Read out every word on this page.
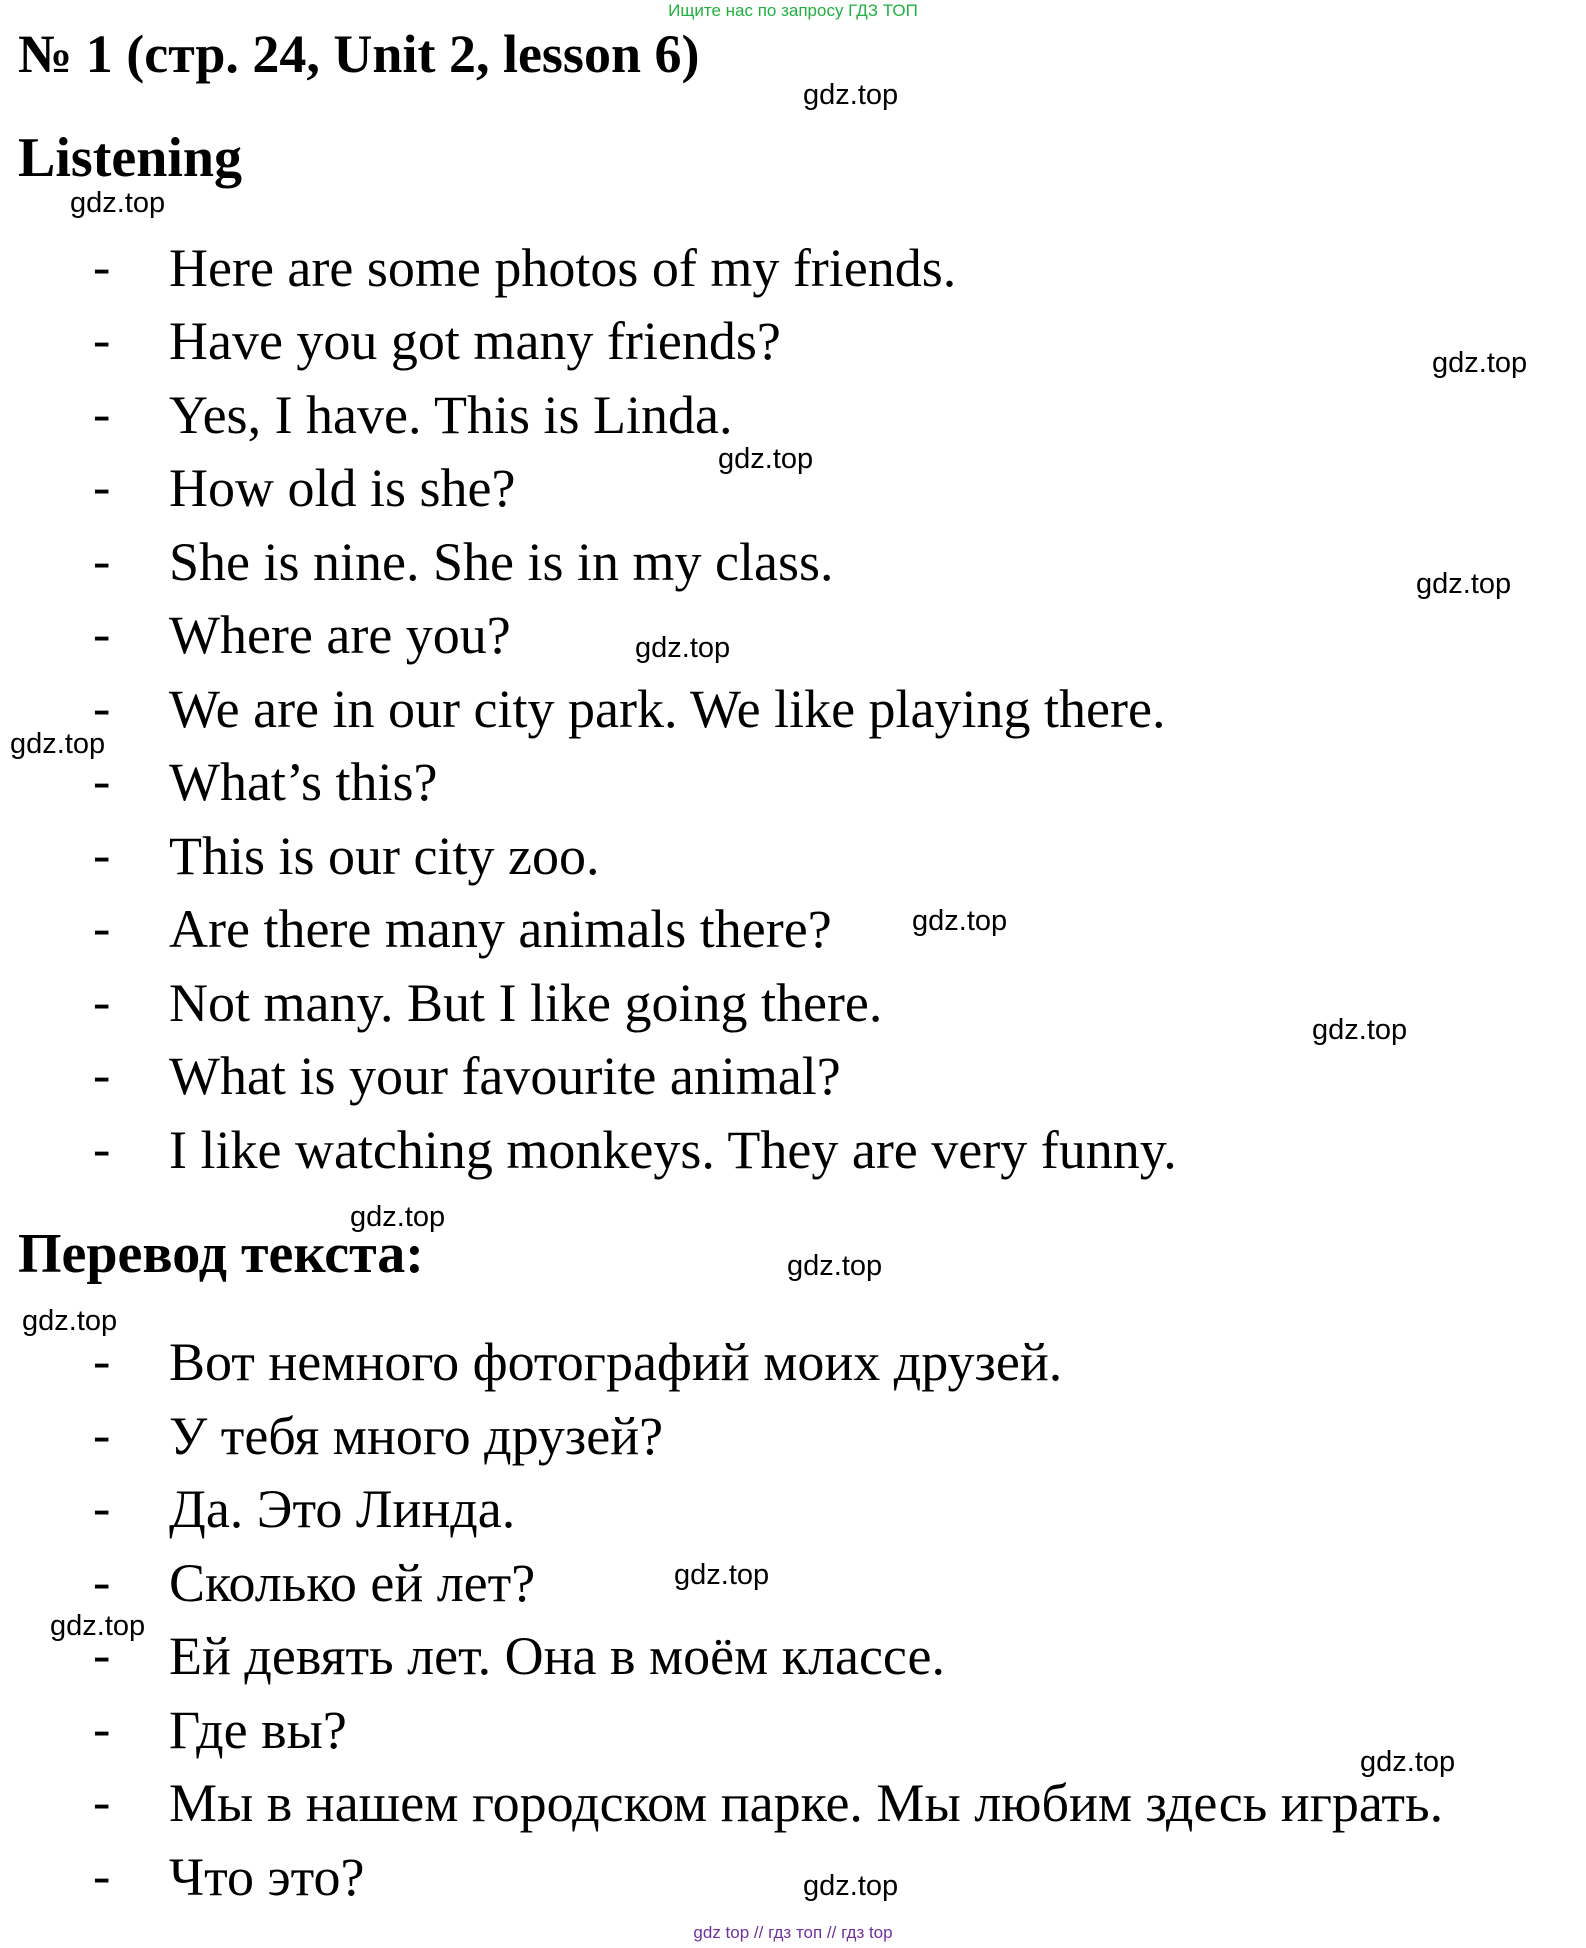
Ищите нас по запросу ГДЗ ТОП
№ 1 (стр. 24, Unit 2, lesson 6)
Listening
- Here are some photos of my friends.
- Have you got many friends?
- Yes, I have. This is Linda.
- How old is she?
- She is nine. She is in my class.
- Where are you?
- We are in our city park. We like playing there.
- What’s this?
- This is our city zoo.
- Are there many animals there?
- Not many. But I like going there.
- What is your favourite animal?
- I like watching monkeys. They are very funny.
Перевод текста:
- Вот немного фотографий моих друзей.
- У тебя много друзей?
- Да. Это Линда.
- Сколько ей лет?
- Ей девять лет. Она в моём классе.
- Где вы?
- Мы в нашем городском парке. Мы любим здесь играть.
- Что это?
gdz.top
gdz.top
gdz.top
gdz.top
gdz.top
gdz.top
gdz.top
gdz.top
gdz.top
gdz.top
gdz.top
gdz.top
gdz.top
gdz.top
gdz.top
gdz.top
gdz top // гдз топ // гдз top
